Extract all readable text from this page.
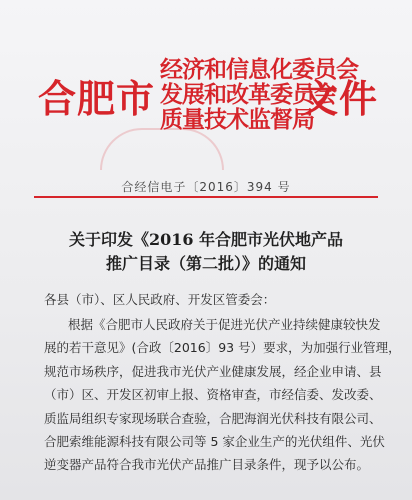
合肥市
经济和信息化委员会
发展和改革委员会
质量技术监督局
文件
合经信电子〔2016〕394 号
关于印发《2016 年合肥市光伏地产品
推广目录（第二批）》的通知
各县（市）、区人民政府、开发区管委会：
根据《合肥市人民政府关于促进光伏产业持续健康较快发
展的若干意见》(合政〔2016〕93 号）要求，为加强行业管理，
规范市场秩序，促进我市光伏产业健康发展，经企业申请、县
（市）区、开发区初审上报、资格审查，市经信委、发改委、
质监局组织专家现场联合查验，合肥海润光伏科技有限公司、
合肥索维能源科技有限公司等 5 家企业生产的光伏组件、光伏
逆变器产品符合我市光伏产品推广目录条件，现予以公布。
